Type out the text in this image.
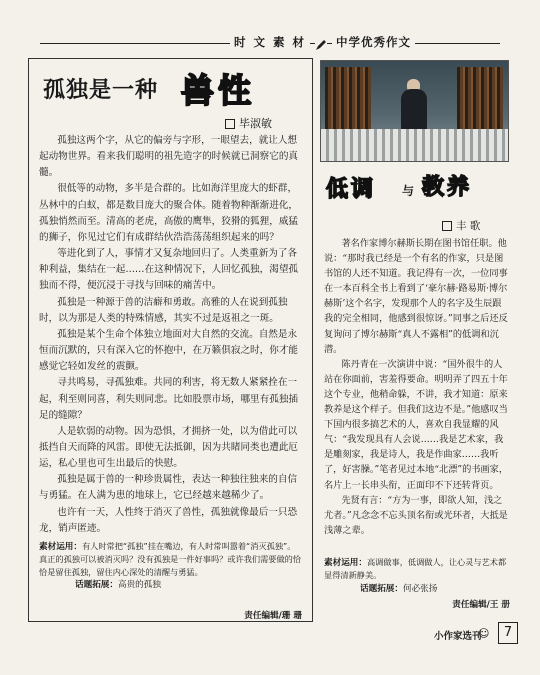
时 文 素 材	中学优秀作文
孤独是一种 兽性
毕淑敏

孤独这两个字，从它的偏旁与字形，一眼望去，就让人想起动物世界。看来我们聪明的祖先造字的时候就已洞察它的真髓。

很低等的动物，多半是合群的。比如海洋里庞大的虾群，丛林中的白蚁，都是数目庞大的聚合体。随着物种渐渐进化，孤独悄然而至。清高的老虎，高傲的鹰隼，狡猾的狐狸，威猛的狮子，你见过它们有成群结伙浩浩荡荡组织起来的吗？

等进化到了人，事情才又复杂地回归了。人类重新为了各种利益，集结在一起……在这种情况下，人回忆孤独，渴望孤独而不得，便沉浸于寻找与回味的痛苦中。

孤独是一种源于兽的洁癖和勇敢。高雅的人在说到孤独时，以为那是人类的特殊情感，其实不过是返祖之一斑。

孤独是某个生命个体独立地面对大自然的交流。自然是永恒而沉默的，只有深入它的怀抱中，在万籁俱寂之时，你才能感觉它轻如发丝的震颤。

寻共鸣易，寻孤独难。共同的利害，将无数人紧紧拴在一起，利至则同喜，利失则同悲。比如股票市场，哪里有孤独插足的缝隙？

人是软弱的动物。因为恐惧，才拥挤一处，以为借此可以抵挡自天而降的风雷。即使无法抵御，因为共睹同类也遭此厄运，私心里也可生出最后的快慰。

孤独是属于兽的一种珍贵属性，表达一种独往独来的自信与勇猛。在人满为患的地球上，它已经越来越稀少了。

也许有一天，人性终于消灭了兽性，孤独就像最后一只恐龙，销声匿迹。

素材运用：有人时常把“孤独”挂在嘴边，有人时常叫嚣着“消灭孤独”。真正的孤独可以被消灭吗？没有孤独是一件好事吗？或许我们需要做的恰恰是留住孤独，留住内心深处的清醒与勇猛。
话题拓展：高贵的孤独
责任编辑/珊 珊
低调 与 教养
丰 歌

著名作家博尔赫斯长期在图书馆任职。他说：“那时我已经是一个有名的作家，只是图书馆的人还不知道。我记得有一次，一位同事在一本百科全书上看到了‘豪尔赫·路易斯·博尔赫斯’这个名字，发现那个人的名字及生辰跟我的完全相同，他感到很惊讶。”同事之后还反复询问了博尔赫斯“真人不露相”的低调和沉潜。

陈丹青在一次演讲中说：“国外很牛的人站在你面前，害羞得要命。明明弄了四五十年这个专业，他稍命躲，不讲，我才知道：原来教养是这个样子。但我们这边不是。”他感叹当下国内很多搞艺术的人，喜欢自我显耀的风气：“我发现具有人会说……我是艺术家，我是雕刻家，我是诗人，我是作曲家……我听了，好害臊。”笔者见过本地“北漂”的书画家，名片上一长串头衔，正面印不下还转背页。

先贤有言：“方为一事，即欲人知，浅之尤者。”凡念念不忘头顶名衔或光环者，大抵是浅薄之辈。

素材运用：高调做事，低调做人，让心灵与艺术都显得清新静美。
话题拓展：何必张扬
责任编辑/王 册
小作家选刊
☺	7
